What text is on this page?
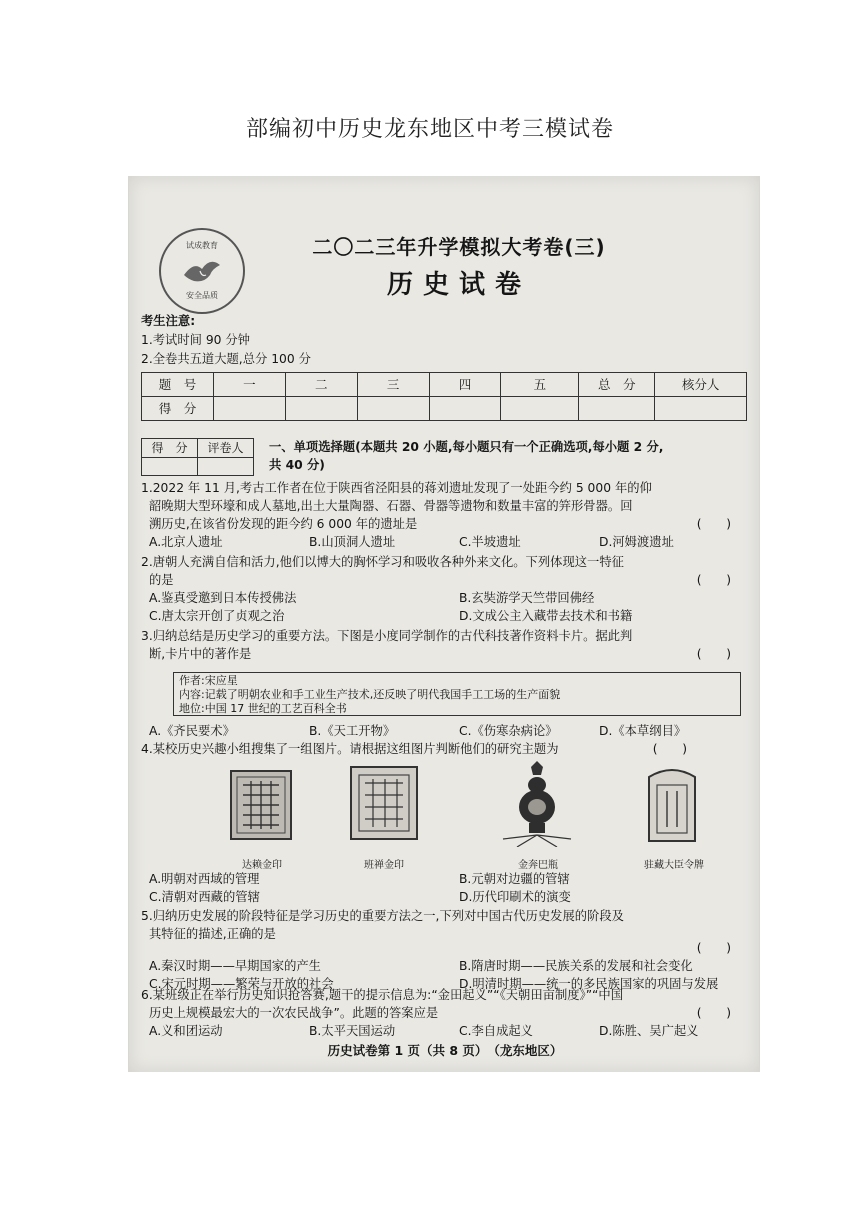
部编初中历史龙东地区中考三模试卷
试成教育
安全品质
二〇二三年升学模拟大考卷(三)
历史试卷
考生注意:
1.考试时间 90 分钟
2.全卷共五道大题,总分 100 分
题　号	一	二	三	四	五	总　分	核分人
得　分							
得　分	评卷人
	一、单项选择题(本题共 20 小题,每小题只有一个正确选项,每小题 2 分,
共 40 分)
1.2022 年 11 月,考古工作者在位于陕西省泾阳县的蒋刘遗址发现了一处距今约 5 000 年的仰
韶晚期大型环壕和成人墓地,出土大量陶器、石器、骨器等遗物和数量丰富的笄形骨器。回
溯历史,在该省份发现的距今约 6 000 年的遗址是	(　　)
A.北京人遗址	B.山顶洞人遗址	C.半坡遗址	D.河姆渡遗址
2.唐朝人充满自信和活力,他们以博大的胸怀学习和吸收各种外来文化。下列体现这一特征
的是	(　　)
A.鉴真受邀到日本传授佛法	B.玄奘游学天竺带回佛经
C.唐太宗开创了贞观之治	D.文成公主入藏带去技术和书籍
3.归纳总结是历史学习的重要方法。下图是小度同学制作的古代科技著作资料卡片。据此判
断,卡片中的著作是	(　　)
作者:宋应星
内容:记载了明朝农业和手工业生产技术,还反映了明代我国手工工场的生产面貌
地位:中国 17 世纪的工艺百科全书
A.《齐民要术》	B.《天工开物》	C.《伤寒杂病论》	D.《本草纲目》
4.某校历史兴趣小组搜集了一组图片。请根据这组图片判断他们的研究主题为	(　　)
达赖金印	班禅金印	金奔巴瓶	驻藏大臣令牌
A.明朝对西域的管理	B.元朝对边疆的管辖
C.清朝对西藏的管辖	D.历代印刷术的演变
5.归纳历史发展的阶段特征是学习历史的重要方法之一,下列对中国古代历史发展的阶段及
其特征的描述,正确的是
(　　)
A.秦汉时期——早期国家的产生	B.隋唐时期——民族关系的发展和社会变化
C.宋元时期——繁荣与开放的社会	D.明清时期——统一的多民族国家的巩固与发展
6.某班级正在举行历史知识抢答赛,题干的提示信息为:“金田起义”“《天朝田亩制度》”“中国
历史上规模最宏大的一次农民战争”。此题的答案应是	(　　)
A.义和团运动	B.太平天国运动	C.李自成起义	D.陈胜、吴广起义
历史试卷第 1 页（共 8 页）　（龙东地区）
